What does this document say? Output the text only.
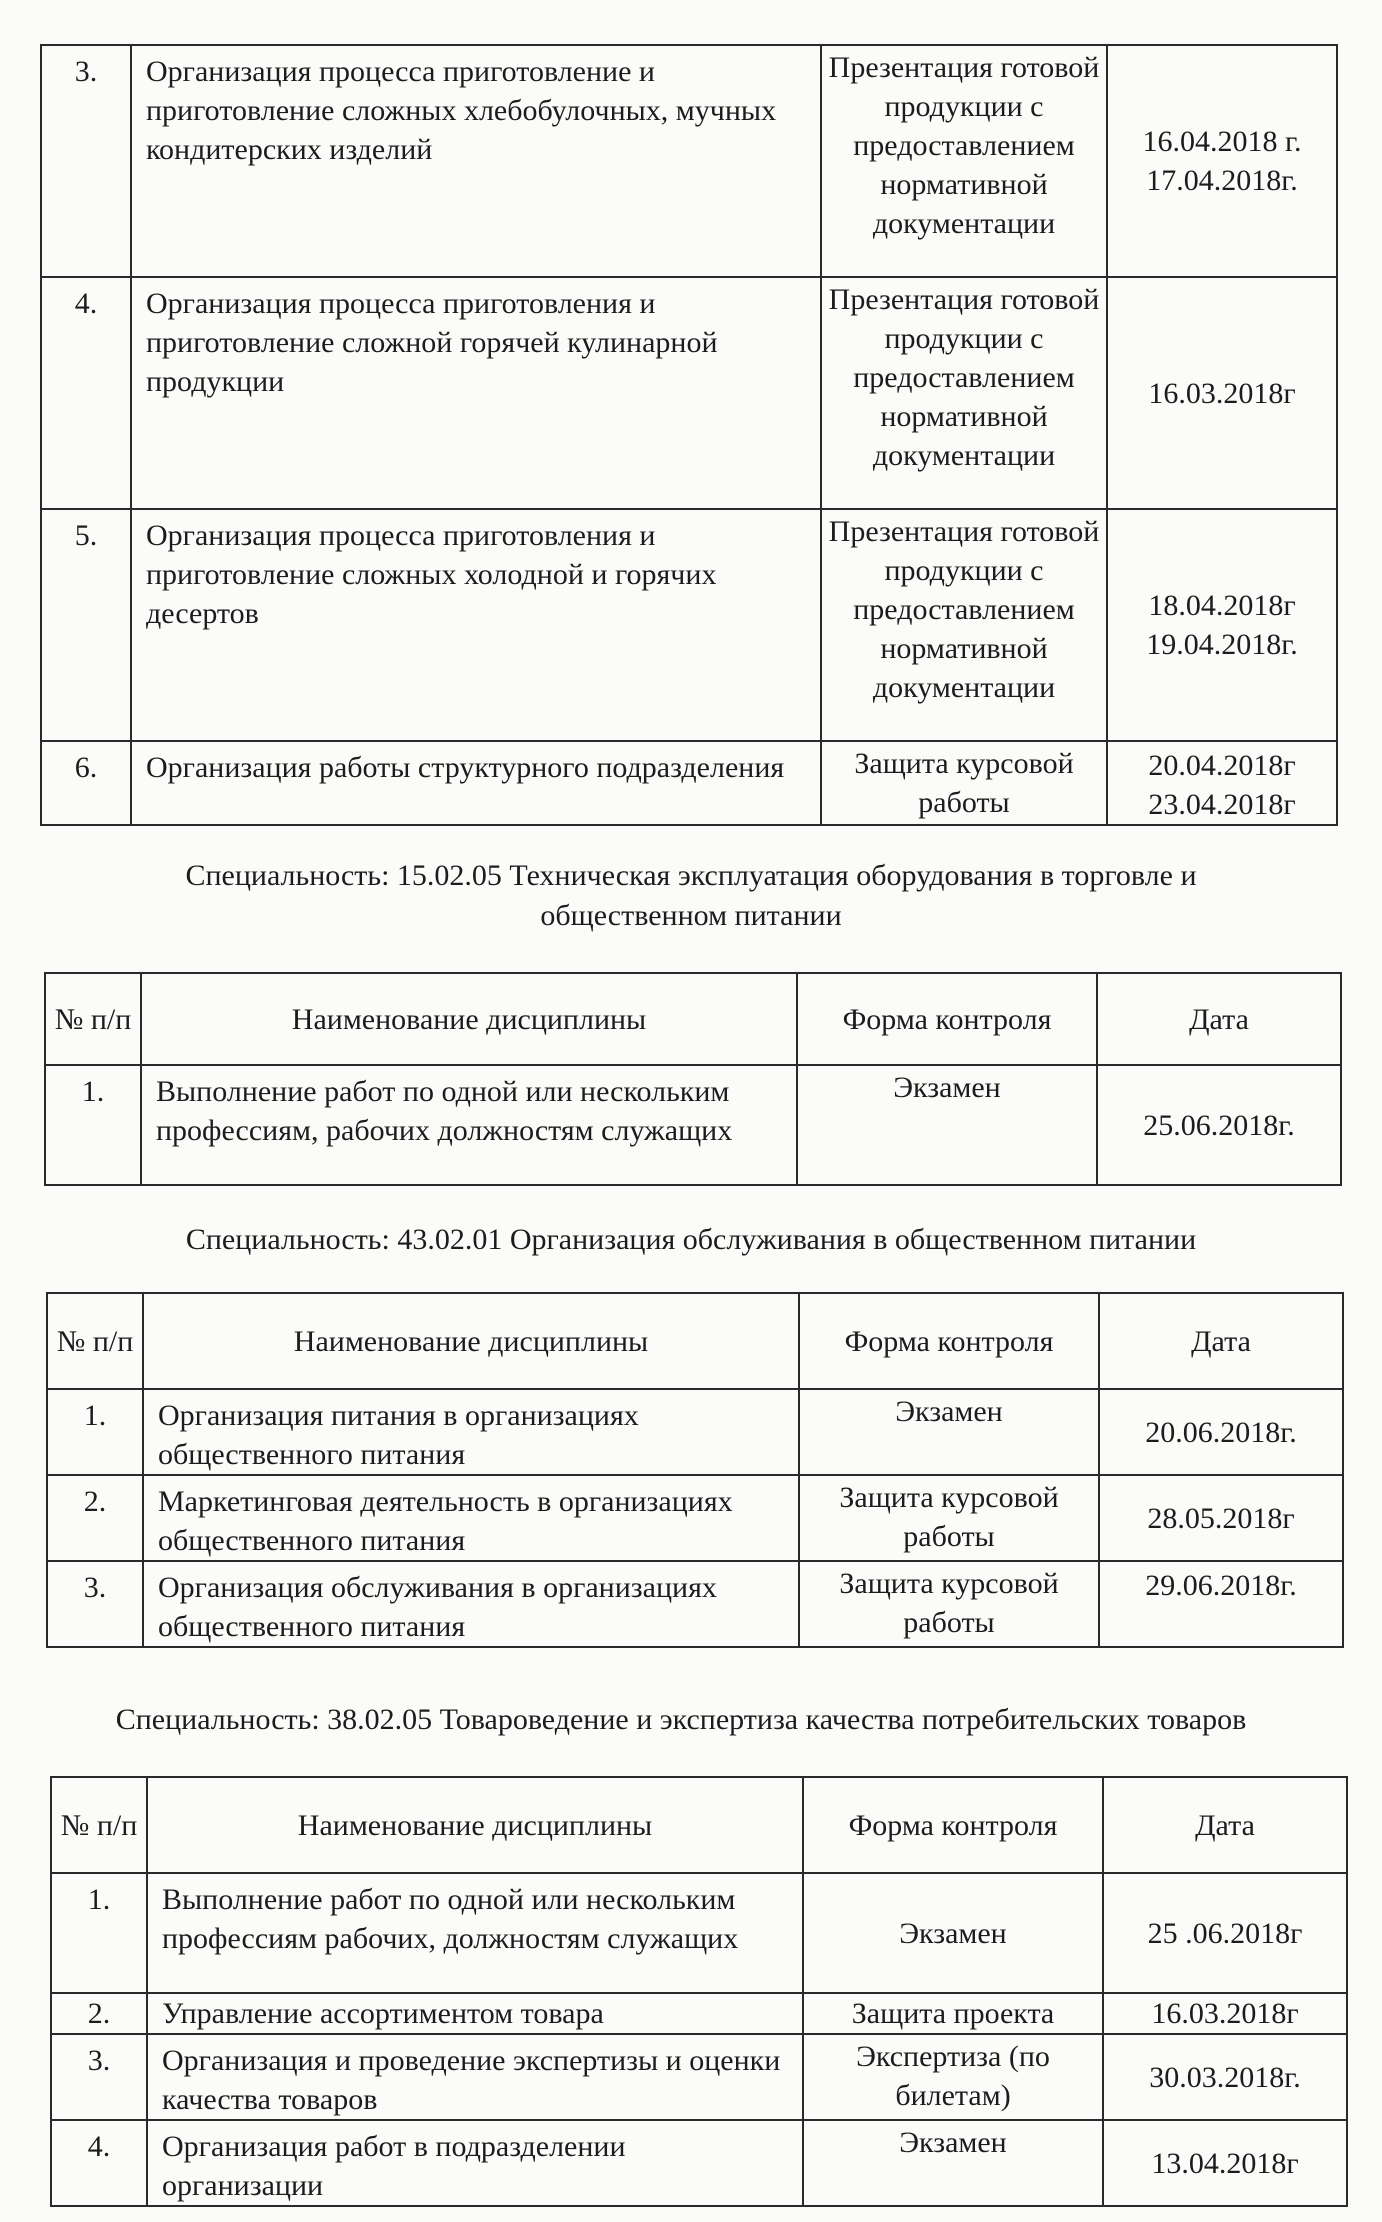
3.	Организация процесса приготовление и приготовление сложных хлебобулочных, мучных кондитерских изделий	Презентация готовой продукции с предоставлением нормативной документации	16.04.2018 г.
17.04.2018г.

4.	Организация процесса приготовления и приготовление сложной горячей кулинарной продукции	Презентация готовой продукции с предоставлением нормативной документации	16.03.2018г

5.	Организация процесса приготовления и приготовление сложных холодной и горячих десертов	Презентация готовой продукции с предоставлением нормативной документации	18.04.2018г
19.04.2018г.

6.	Организация работы структурного подразделения	Защита курсовой работы	20.04.2018г
23.04.2018г
Специальность: 15.02.05 Техническая эксплуатация оборудования в торговле и
общественном питании
№ п/п	Наименование дисциплины	Форма контроля	Дата
1.	Выполнение работ по одной или нескольким профессиям, рабочих должностям служащих	Экзамен	25.06.2018г.
Специальность: 43.02.01 Организация обслуживания в общественном питании
№ п/п	Наименование дисциплины	Форма контроля	Дата
1.	Организация питания в организациях общественного питания	Экзамен	20.06.2018г.
2.	Маркетинговая деятельность в организациях общественного питания	Защита курсовой работы	28.05.2018г
3.	Организация обслуживания в организациях общественного питания	Защита курсовой работы	29.06.2018г.
Специальность: 38.02.05 Товароведение и экспертиза качества потребительских товаров
№ п/п	Наименование дисциплины	Форма контроля	Дата
1.	Выполнение работ по одной или нескольким профессиям рабочих, должностям служащих	Экзамен	25 .06.2018г
2.	Управление ассортиментом товара	Защита проекта	16.03.2018г
3.	Организация и проведение экспертизы и оценки качества товаров	Экспертиза (по билетам)	30.03.2018г.
4.	Организация работ в подразделении организации	Экзамен	13.04.2018г
